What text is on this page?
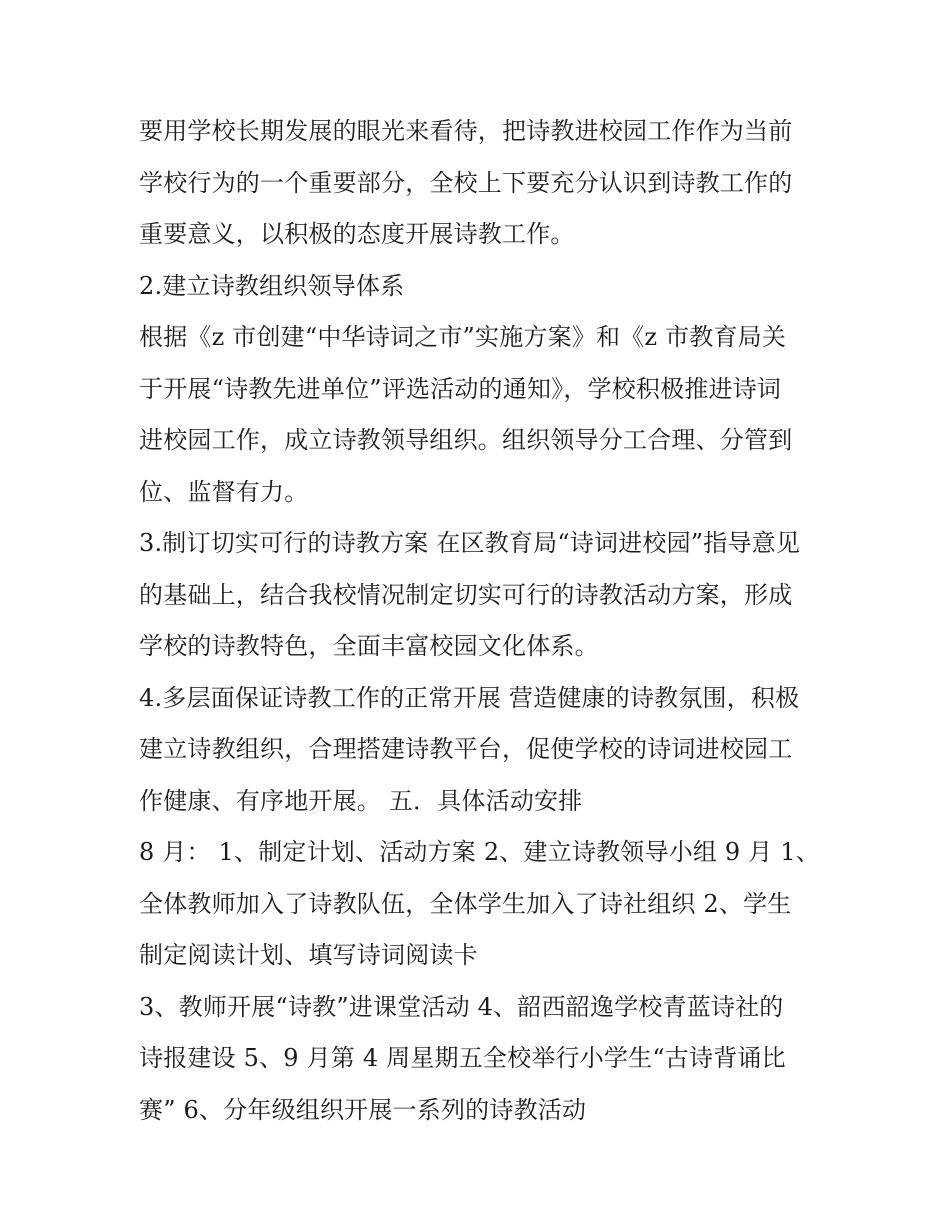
要用学校长期发展的眼光来看待，把诗教进校园工作作为当前
学校行为的一个重要部分，全校上下要充分认识到诗教工作的
重要意义，以积极的态度开展诗教工作。
2.建立诗教组织领导体系
根据《z 市创建“中华诗词之市”实施方案》和《z 市教育局关
于开展“诗教先进单位”评选活动的通知》，学校积极推进诗词
进校园工作，成立诗教领导组织。组织领导分工合理、分管到
位、监督有力。
3.制订切实可行的诗教方案 在区教育局“诗词进校园”指导意见
的基础上，结合我校情况制定切实可行的诗教活动方案，形成
学校的诗教特色，全面丰富校园文化体系。
4.多层面保证诗教工作的正常开展 营造健康的诗教氛围，积极
建立诗教组织，合理搭建诗教平台，促使学校的诗词进校园工
作健康、有序地开展。 五．具体活动安排
8 月： 1、制定计划、活动方案 2、建立诗教领导小组 9 月 1、
全体教师加入了诗教队伍，全体学生加入了诗社组织 2、学生
制定阅读计划、填写诗词阅读卡
3、教师开展“诗教”进课堂活动 4、韶西韶逸学校青蓝诗社的
诗报建设 5、9 月第 4 周星期五全校举行小学生“古诗背诵比
赛” 6、分年级组织开展一系列的诗教活动
